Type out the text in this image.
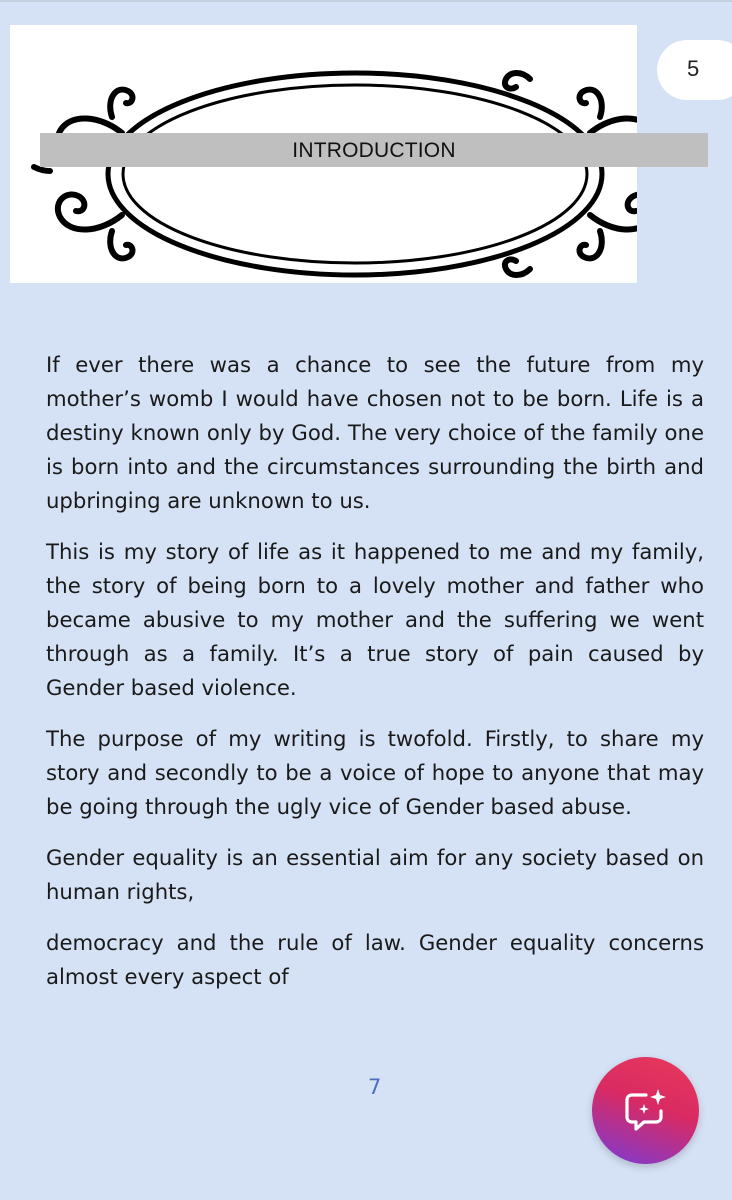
INTRODUCTION
5

If ever there was a chance to see the future from my mother’s womb I would have chosen not to be born. Life is a destiny known only by God. The very choice of the family one is born into and the circumstances surrounding the birth and upbringing are unknown to us.

This is my story of life as it happened to me and my family, the story of being born to a lovely mother and father who became abusive to my mother and the suffering we went through as a family. It’s a true story of pain caused by Gender based violence.

The purpose of my writing is twofold. Firstly, to share my story and secondly to be a voice of hope to anyone that may be going through the ugly vice of Gender based abuse.

Gender equality is an essential aim for any society based on human rights,

democracy and the rule of law. Gender equality concerns almost every aspect of

7
